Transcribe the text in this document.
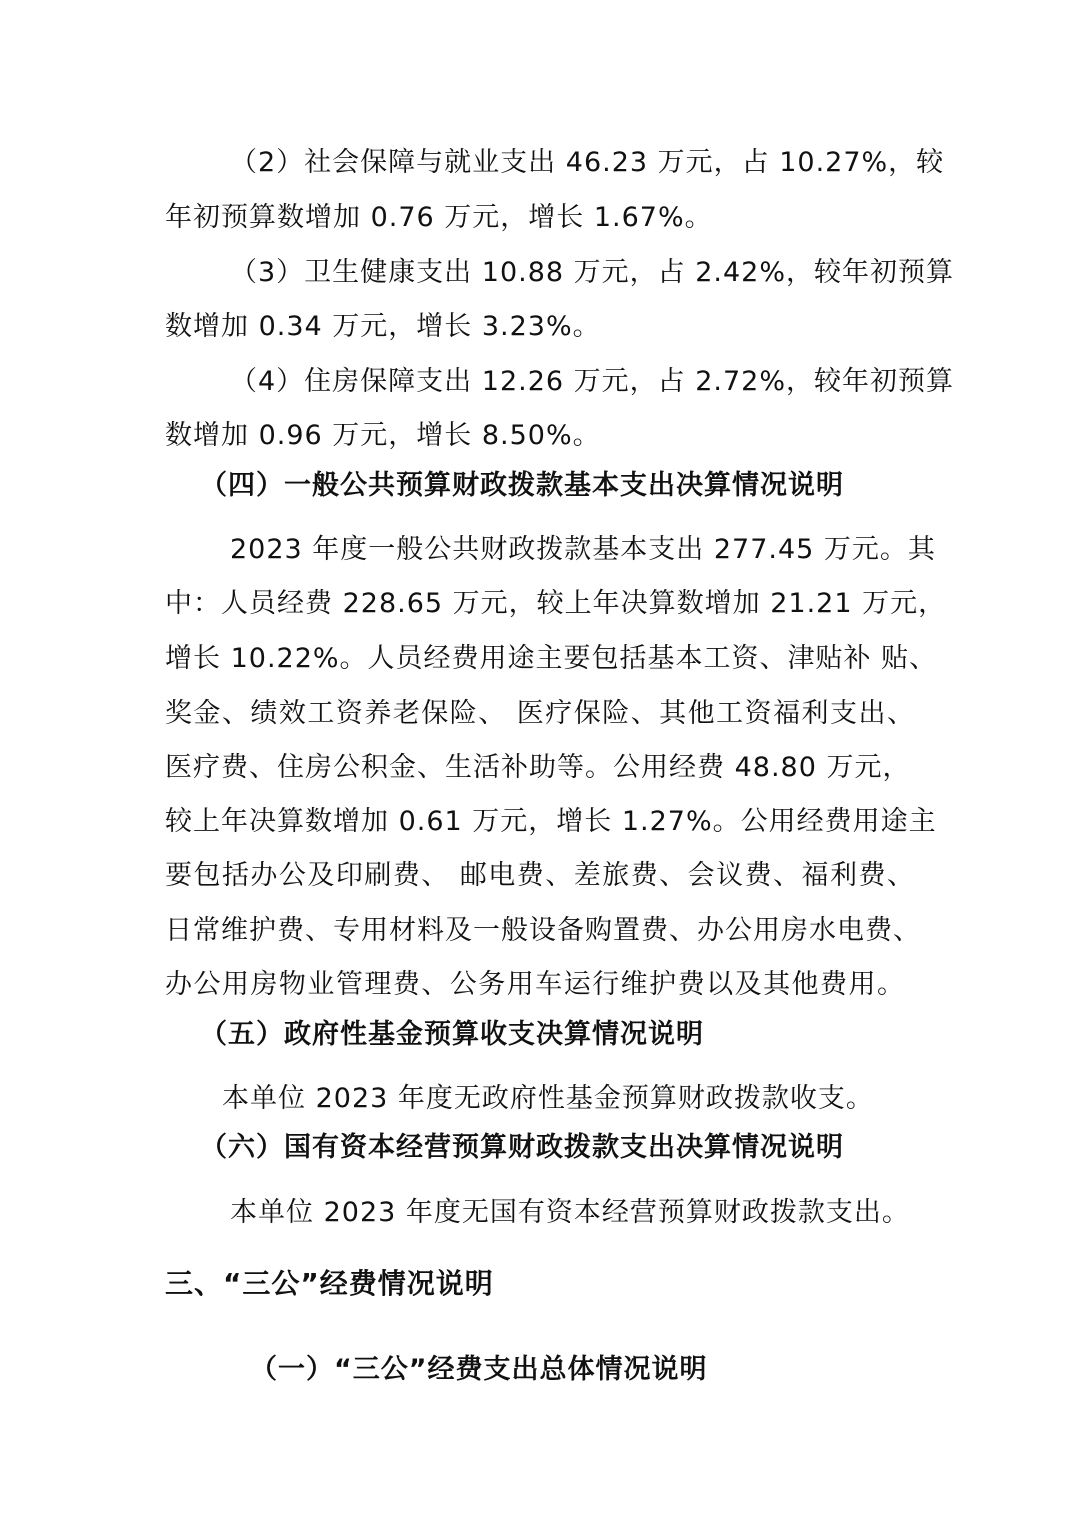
（2）社会保障与就业支出 46.23 万元，占 10.27%，较
年初预算数增加 0.76 万元，增长 1.67%。
（3）卫生健康支出 10.88 万元，占 2.42%，较年初预算
数增加 0.34 万元，增长 3.23%。
（4）住房保障支出 12.26 万元，占 2.72%，较年初预算
数增加 0.96 万元，增长 8.50%。
（四）一般公共预算财政拨款基本支出决算情况说明
2023 年度一般公共财政拨款基本支出 277.45 万元。其
中：人员经费 228.65 万元，较上年决算数增加 21.21 万元，
增长 10.22%。人员经费用途主要包括基本工资、津贴补 贴、
奖金、绩效工资养老保险、 医疗保险、其他工资福利支出、
医疗费、住房公积金、生活补助等。公用经费 48.80 万元，
较上年决算数增加 0.61 万元，增长 1.27%。公用经费用途主
要包括办公及印刷费、 邮电费、差旅费、会议费、福利费、
日常维护费、专用材料及一般设备购置费、办公用房水电费、
办公用房物业管理费、公务用车运行维护费以及其他费用。
（五）政府性基金预算收支决算情况说明
本单位 2023 年度无政府性基金预算财政拨款收支。
（六）国有资本经营预算财政拨款支出决算情况说明
本单位 2023 年度无国有资本经营预算财政拨款支出。
三、“三公”经费情况说明
（一）“三公”经费支出总体情况说明
